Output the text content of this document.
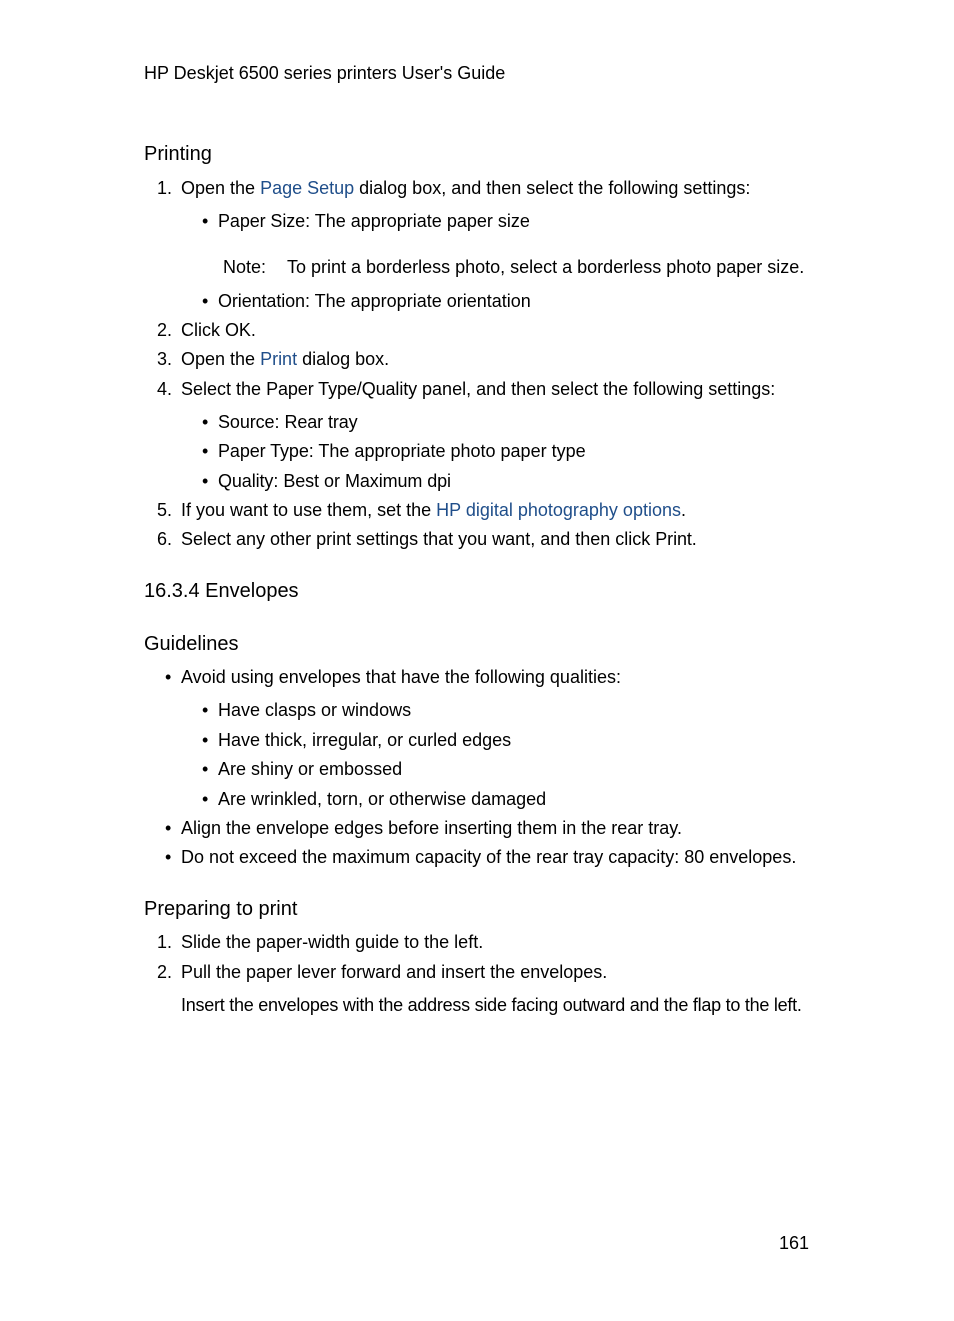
HP Deskjet 6500 series printers User's Guide
Printing
1. Open the Page Setup dialog box, and then select the following settings:
• Paper Size: The appropriate paper size
Note: To print a borderless photo, select a borderless photo paper size.
• Orientation: The appropriate orientation
2. Click OK.
3. Open the Print dialog box.
4. Select the Paper Type/Quality panel, and then select the following settings:
• Source: Rear tray
• Paper Type: The appropriate photo paper type
• Quality: Best or Maximum dpi
5. If you want to use them, set the HP digital photography options.
6. Select any other print settings that you want, and then click Print.
16.3.4 Envelopes
Guidelines
• Avoid using envelopes that have the following qualities:
• Have clasps or windows
• Have thick, irregular, or curled edges
• Are shiny or embossed
• Are wrinkled, torn, or otherwise damaged
• Align the envelope edges before inserting them in the rear tray.
• Do not exceed the maximum capacity of the rear tray capacity: 80 envelopes.
Preparing to print
1. Slide the paper-width guide to the left.
2. Pull the paper lever forward and insert the envelopes.
Insert the envelopes with the address side facing outward and the flap to the left.
161
